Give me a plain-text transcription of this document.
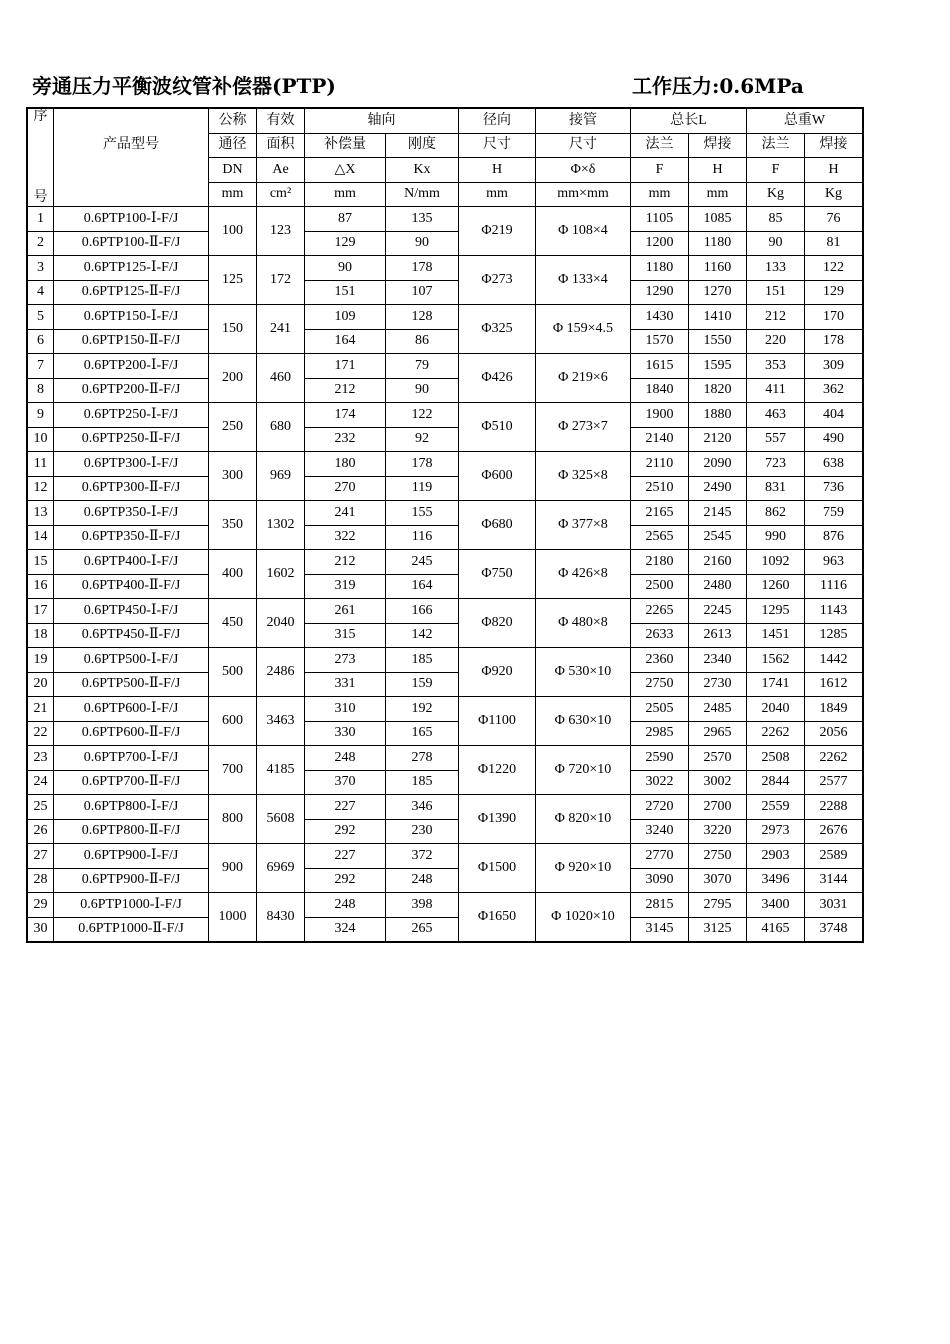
旁通压力平衡波纹管补偿器(PTP)	工作压力:0.6MPa
序		公称	有效	轴向		径向	接管	总长L		总重W	
	产品型号	通径	面积	补偿量	刚度	尺寸	尺寸	法兰	焊接	法兰	焊接
		DN	Ae	△X	Kx	H	Φ×δ	F	H	F	H
号		mm	cm²	mm	N/mm	mm	mm×mm	mm	mm	Kg	Kg
1	0.6PTP100-Ⅰ-F/J	100	123	87	135	Φ219	Φ 108×4	1105	1085	85	76
2	0.6PTP100-Ⅱ-F/J			129	90			1200	1180	90	81
3	0.6PTP125-Ⅰ-F/J	125	172	90	178	Φ273	Φ 133×4	1180	1160	133	122
4	0.6PTP125-Ⅱ-F/J			151	107			1290	1270	151	129
5	0.6PTP150-Ⅰ-F/J	150	241	109	128	Φ325	Φ 159×4.5	1430	1410	212	170
6	0.6PTP150-Ⅱ-F/J			164	86			1570	1550	220	178
7	0.6PTP200-Ⅰ-F/J	200	460	171	79	Φ426	Φ 219×6	1615	1595	353	309
8	0.6PTP200-Ⅱ-F/J			212	90			1840	1820	411	362
9	0.6PTP250-Ⅰ-F/J	250	680	174	122	Φ510	Φ 273×7	1900	1880	463	404
10	0.6PTP250-Ⅱ-F/J			232	92			2140	2120	557	490
11	0.6PTP300-Ⅰ-F/J	300	969	180	178	Φ600	Φ 325×8	2110	2090	723	638
12	0.6PTP300-Ⅱ-F/J			270	119			2510	2490	831	736
13	0.6PTP350-Ⅰ-F/J	350	1302	241	155	Φ680	Φ 377×8	2165	2145	862	759
14	0.6PTP350-Ⅱ-F/J			322	116			2565	2545	990	876
15	0.6PTP400-Ⅰ-F/J	400	1602	212	245	Φ750	Φ 426×8	2180	2160	1092	963
16	0.6PTP400-Ⅱ-F/J			319	164			2500	2480	1260	1116
17	0.6PTP450-Ⅰ-F/J	450	2040	261	166	Φ820	Φ 480×8	2265	2245	1295	1143
18	0.6PTP450-Ⅱ-F/J			315	142			2633	2613	1451	1285
19	0.6PTP500-Ⅰ-F/J	500	2486	273	185	Φ920	Φ 530×10	2360	2340	1562	1442
20	0.6PTP500-Ⅱ-F/J			331	159			2750	2730	1741	1612
21	0.6PTP600-Ⅰ-F/J	600	3463	310	192	Φ1100	Φ 630×10	2505	2485	2040	1849
22	0.6PTP600-Ⅱ-F/J			330	165			2985	2965	2262	2056
23	0.6PTP700-Ⅰ-F/J	700	4185	248	278	Φ1220	Φ 720×10	2590	2570	2508	2262
24	0.6PTP700-Ⅱ-F/J			370	185			3022	3002	2844	2577
25	0.6PTP800-Ⅰ-F/J	800	5608	227	346	Φ1390	Φ 820×10	2720	2700	2559	2288
26	0.6PTP800-Ⅱ-F/J			292	230			3240	3220	2973	2676
27	0.6PTP900-Ⅰ-F/J	900	6969	227	372	Φ1500	Φ 920×10	2770	2750	2903	2589
28	0.6PTP900-Ⅱ-F/J			292	248			3090	3070	3496	3144
29	0.6PTP1000-Ⅰ-F/J	1000	8430	248	398	Φ1650	Φ 1020×10	2815	2795	3400	3031
30	0.6PTP1000-Ⅱ-F/J			324	265			3145	3125	4165	3748
